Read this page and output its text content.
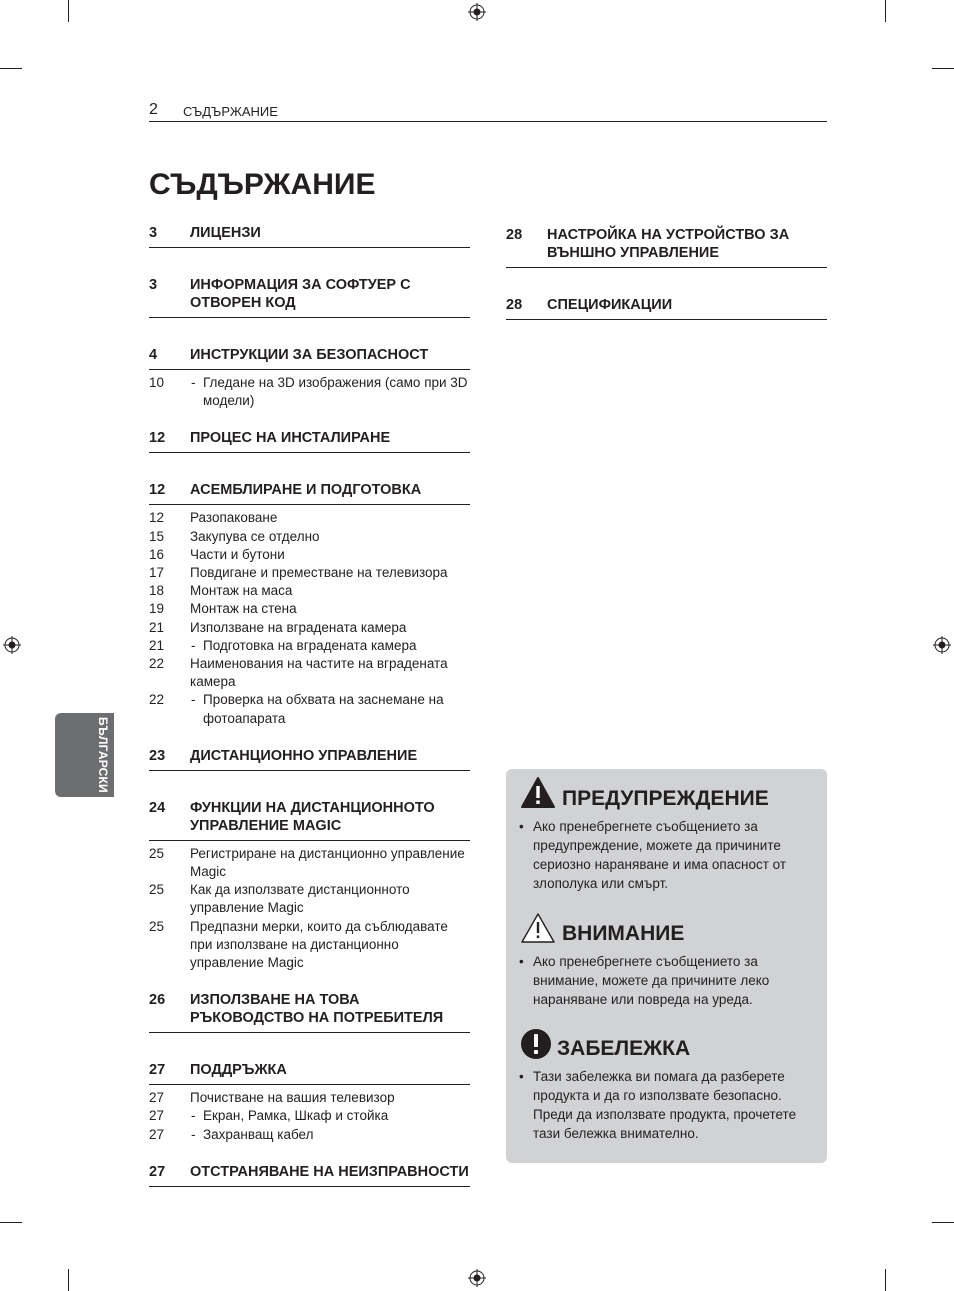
2 СЪДЪРЖАНИЕ
СЪДЪРЖАНИЕ
БЪЛГАРСКИ
3	ЛИЦЕНЗИ
3	ИНФОРМАЦИЯ ЗА СОФТУЕР С ОТВОРЕН КОД
4	ИНСТРУКЦИИ ЗА БЕЗОПАСНОСТ
10	- Гледане на 3D изображения (само при 3D модели)
12	ПРОЦЕС НА ИНСТАЛИРАНЕ
12	АСЕМБЛИРАНЕ И ПОДГОТОВКА
12	Разопаковане
15	Закупува се отделно
16	Части и бутони
17	Повдигане и преместване на телевизора
18	Монтаж на маса
19	Монтаж на стена
21	Използване на вградената камера
21	- Подготовка на вградената камера
22	Наименования на частите на вградената камера
22	- Проверка на обхвата на заснемане на фотоапарата
23	ДИСТАНЦИОННО УПРАВЛЕНИЕ
24	ФУНКЦИИ НА ДИСТАНЦИОННОТО УПРАВЛЕНИЕ MAGIC
25	Регистриране на дистанционно управление Magic
25	Как да използвате дистанционното управление Magic
25	Предпазни мерки, които да съблюдавате при използване на дистанционно управление Magic
26	ИЗПОЛЗВАНЕ НА ТОВА РЪКОВОДСТВО НА ПОТРЕБИТЕЛЯ
27	ПОДДРЪЖКА
27	Почистване на вашия телевизор
27	- Екран, Рамка, Шкаф и стойка
27	- Захранващ кабел
27	ОТСТРАНЯВАНЕ НА НЕИЗПРАВНОСТИ
28	НАСТРОЙКА НА УСТРОЙСТВО ЗА ВЪНШНО УПРАВЛЕНИЕ
28	СПЕЦИФИКАЦИИ
ПРЕДУПРЕЖДЕНИЕ
• Ако пренебрегнете съобщението за предупреждение, можете да причините сериозно нараняване и има опасност от злополука или смърт.
ВНИМАНИЕ
• Ако пренебрегнете съобщението за внимание, можете да причините леко нараняване или повреда на уреда.
ЗАБЕЛЕЖКА
• Тази забележка ви помага да разберете продукта и да го използвате безопасно. Преди да използвате продукта, прочетете тази бележка внимателно.
